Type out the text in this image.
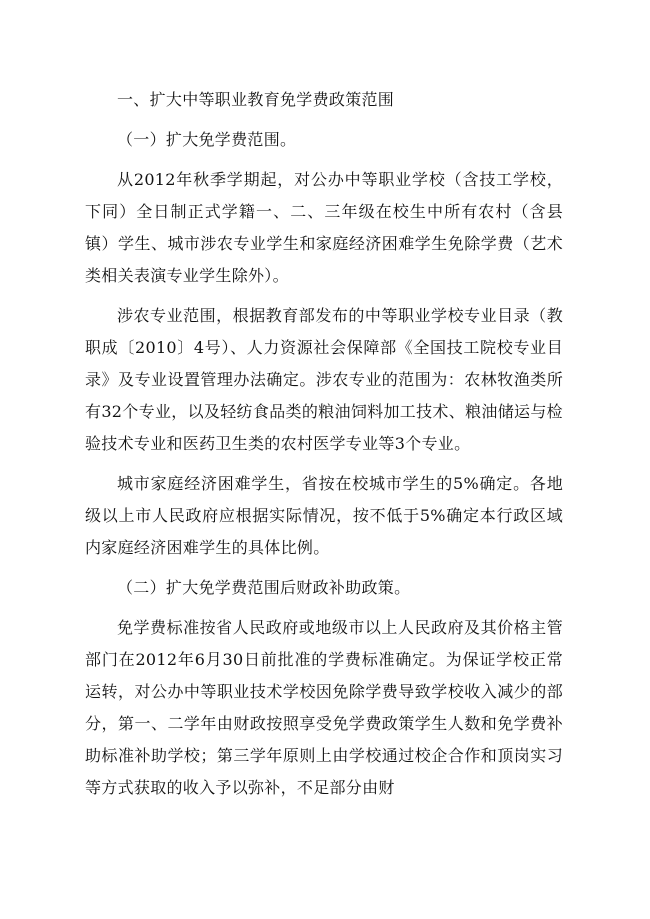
一、扩大中等职业教育免学费政策范围

（一）扩大免学费范围。

从2012年秋季学期起，对公办中等职业学校（含技工学校，下同）全日制正式学籍一、二、三年级在校生中所有农村（含县镇）学生、城市涉农专业学生和家庭经济困难学生免除学费（艺术类相关表演专业学生除外）。

涉农专业范围，根据教育部发布的中等职业学校专业目录（教职成〔2010〕4号）、人力资源社会保障部《全国技工院校专业目录》及专业设置管理办法确定。涉农专业的范围为：农林牧渔类所有32个专业，以及轻纺食品类的粮油饲料加工技术、粮油储运与检验技术专业和医药卫生类的农村医学专业等3个专业。

城市家庭经济困难学生，省按在校城市学生的5%确定。各地级以上市人民政府应根据实际情况，按不低于5%确定本行政区域内家庭经济困难学生的具体比例。

（二）扩大免学费范围后财政补助政策。

免学费标准按省人民政府或地级市以上人民政府及其价格主管部门在2012年6月30日前批准的学费标准确定。为保证学校正常运转，对公办中等职业技术学校因免除学费导致学校收入减少的部分，第一、二学年由财政按照享受免学费政策学生人数和免学费补助标准补助学校；第三学年原则上由学校通过校企合作和顶岗实习等方式获取的收入予以弥补，不足部分由财
